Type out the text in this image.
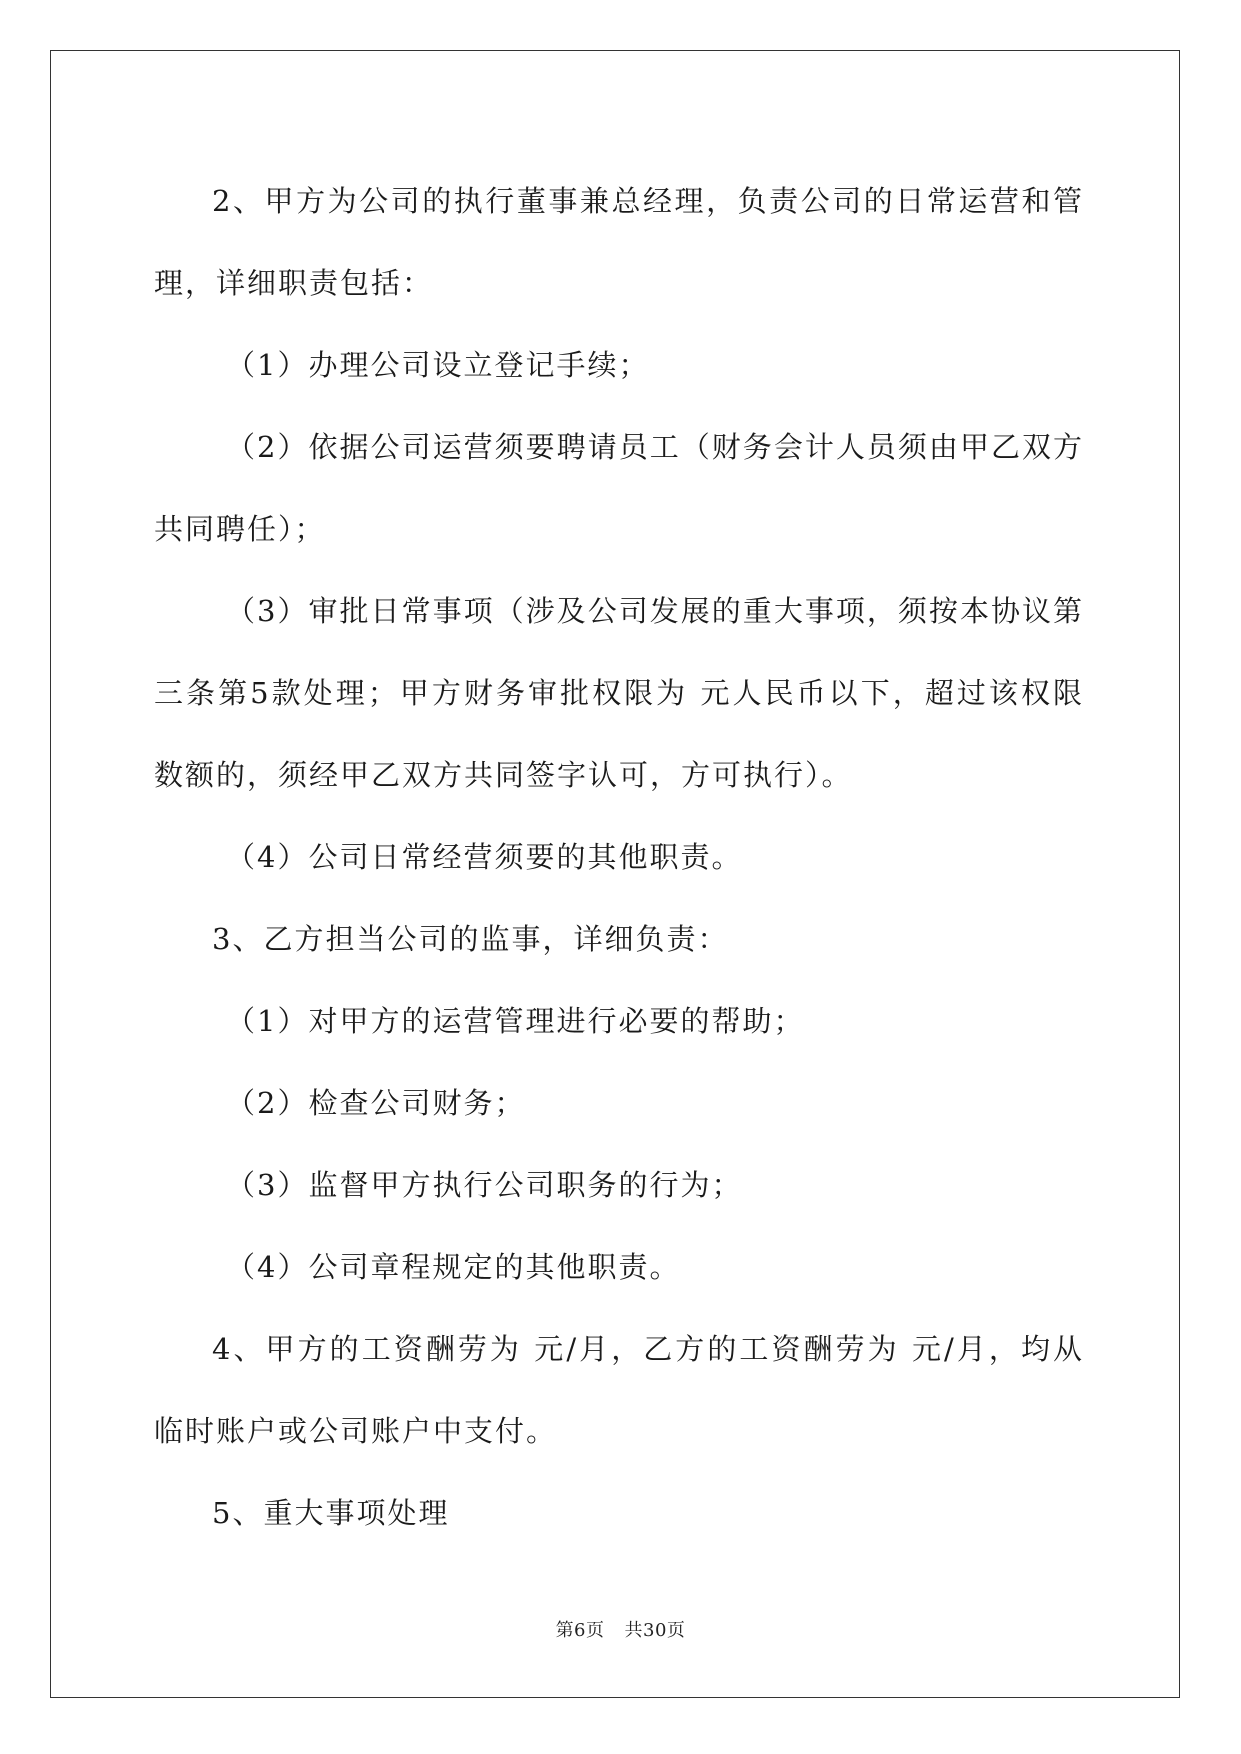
2、甲方为公司的执行董事兼总经理，负责公司的日常运营和管理，详细职责包括：

（1）办理公司设立登记手续；

（2）依据公司运营须要聘请员工（财务会计人员须由甲乙双方共同聘任）；

（3）审批日常事项（涉及公司发展的重大事项，须按本协议第三条第5款处理；甲方财务审批权限为 元人民币以下，超过该权限数额的，须经甲乙双方共同签字认可，方可执行）。

（4）公司日常经营须要的其他职责。

3、乙方担当公司的监事，详细负责：

（1）对甲方的运营管理进行必要的帮助；

（2）检查公司财务；

（3）监督甲方执行公司职务的行为；

（4）公司章程规定的其他职责。

4、甲方的工资酬劳为 元/月，乙方的工资酬劳为 元/月，均从临时账户或公司账户中支付。

5、重大事项处理

第6页 共30页
